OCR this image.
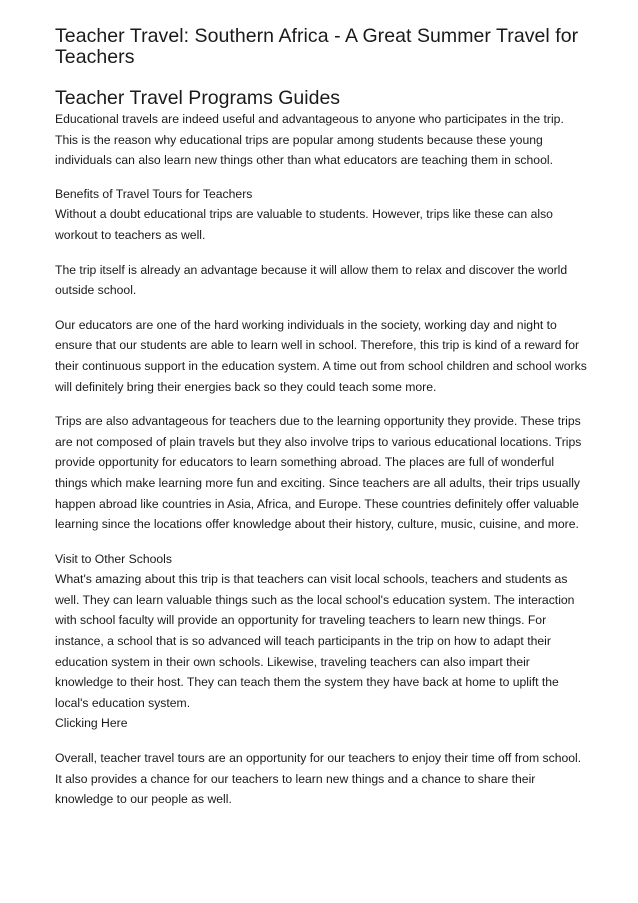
Teacher Travel: Southern Africa - A Great Summer Travel for Teachers
Teacher Travel Programs Guides

Educational travels are indeed useful and advantageous to anyone who participates in the trip. This is the reason why educational trips are popular among students because these young individuals can also learn new things other than what educators are teaching them in school.

Benefits of Travel Tours for Teachers

Without a doubt educational trips are valuable to students. However, trips like these can also workout to teachers as well.

The trip itself is already an advantage because it will allow them to relax and discover the world outside school.

Our educators are one of the hard working individuals in the society, working day and night to ensure that our students are able to learn well in school. Therefore, this trip is kind of a reward for their continuous support in the education system. A time out from school children and school works will definitely bring their energies back so they could teach some more.

Trips are also advantageous for teachers due to the learning opportunity they provide. These trips are not composed of plain travels but they also involve trips to various educational locations. Trips provide opportunity for educators to learn something abroad. The places are full of wonderful things which make learning more fun and exciting. Since teachers are all adults, their trips usually happen abroad like countries in Asia, Africa, and Europe. These countries definitely offer valuable learning since the locations offer knowledge about their history, culture, music, cuisine, and more.

Visit to Other Schools

What's amazing about this trip is that teachers can visit local schools, teachers and students as well. They can learn valuable things such as the local school's education system. The interaction with school faculty will provide an opportunity for traveling teachers to learn new things. For instance, a school that is so advanced will teach participants in the trip on how to adapt their education system in their own schools. Likewise, traveling teachers can also impart their knowledge to their host. They can teach them the system they have back at home to uplift the local's education system.

Clicking Here

Overall, teacher travel tours are an opportunity for our teachers to enjoy their time off from school. It also provides a chance for our teachers to learn new things and a chance to share their knowledge to our people as well.
